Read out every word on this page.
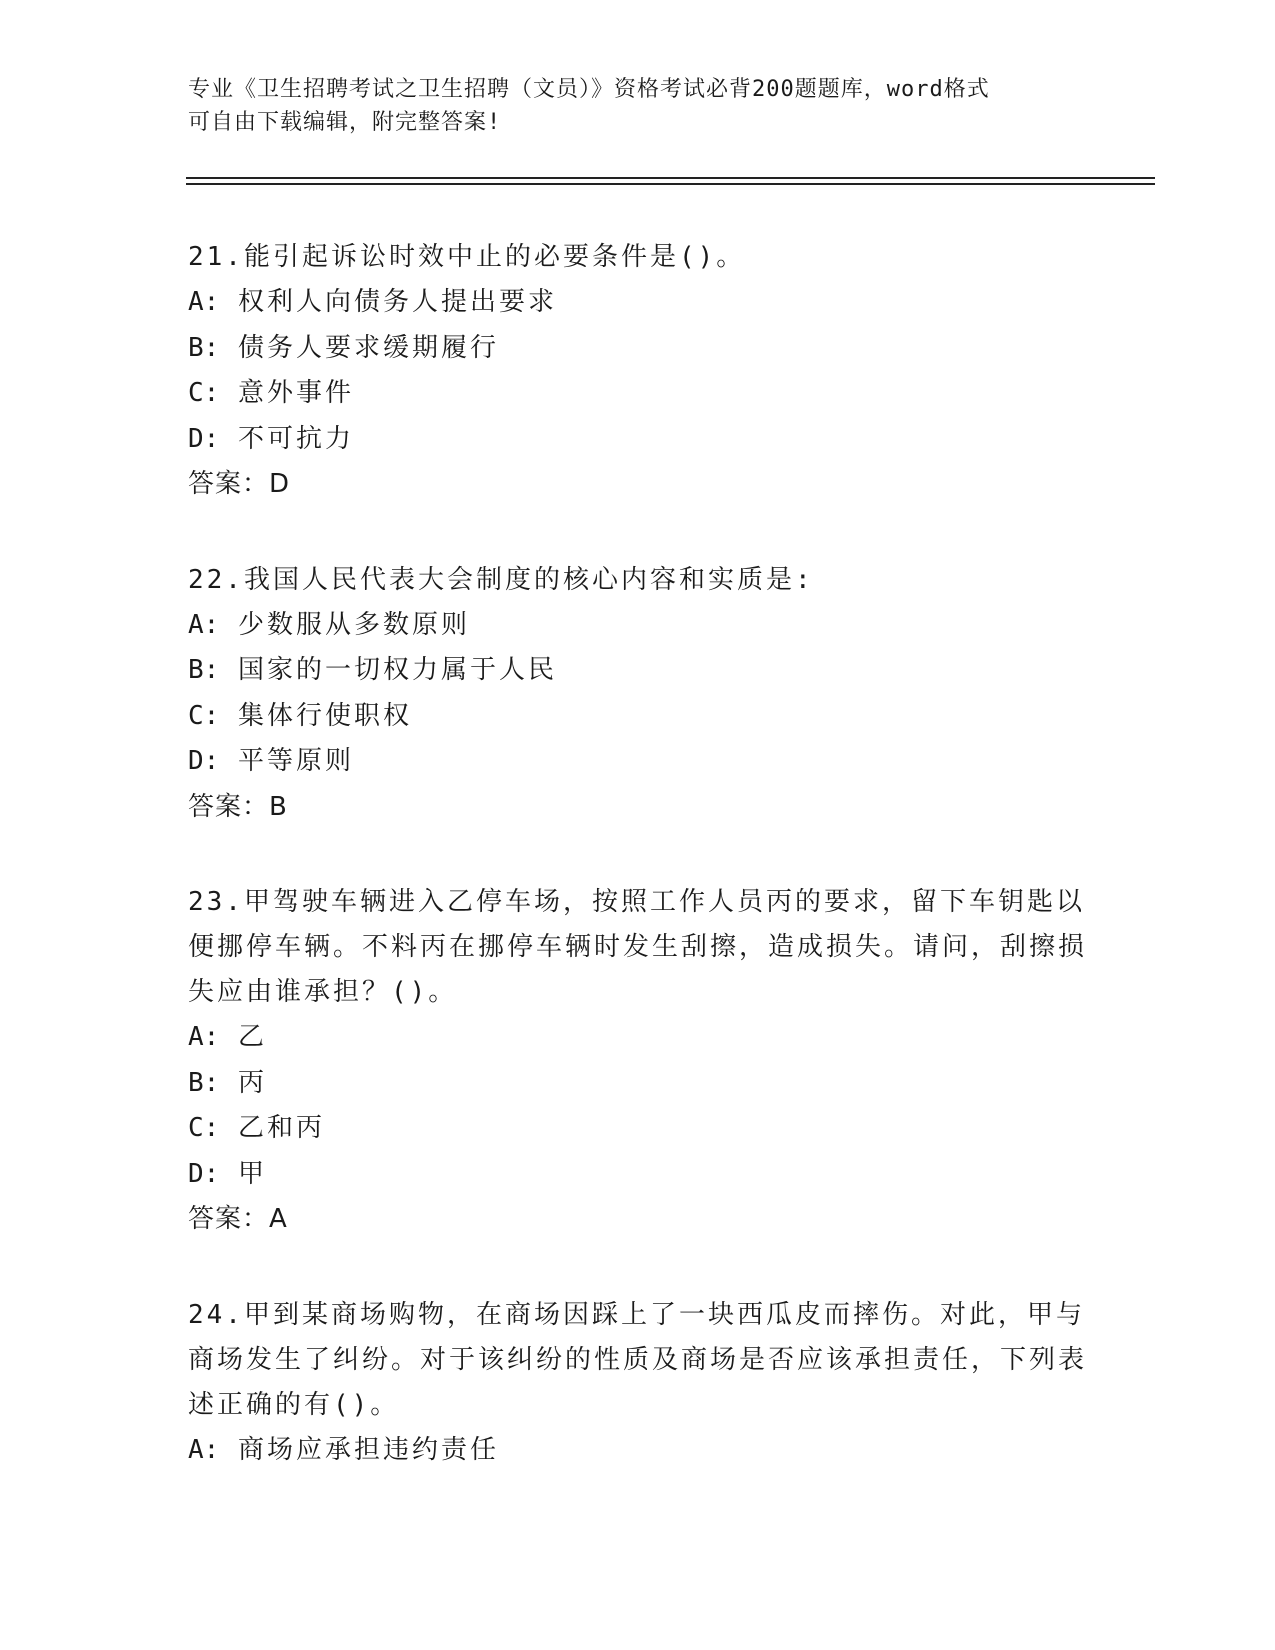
专业《卫生招聘考试之卫生招聘（文员）》资格考试必背200题题库，word格式

可自由下载编辑，附完整答案!

21.能引起诉讼时效中止的必要条件是()。

A: 权利人向债务人提出要求
B: 债务人要求缓期履行
C: 意外事件
D: 不可抗力
答案：D

22.我国人民代表大会制度的核心内容和实质是:

A: 少数服从多数原则
B: 国家的一切权力属于人民
C: 集体行使职权
D: 平等原则
答案：B

23.甲驾驶车辆进入乙停车场，按照工作人员丙的要求，留下车钥匙以便挪停车辆。不料丙在挪停车辆时发生刮擦，造成损失。请问，刮擦损失应由谁承担？()。

A: 乙
B: 丙
C: 乙和丙
D: 甲
答案：A

24.甲到某商场购物，在商场因踩上了一块西瓜皮而摔伤。对此，甲与商场发生了纠纷。对于该纠纷的性质及商场是否应该承担责任，下列表述正确的有()。

A: 商场应承担违约责任
